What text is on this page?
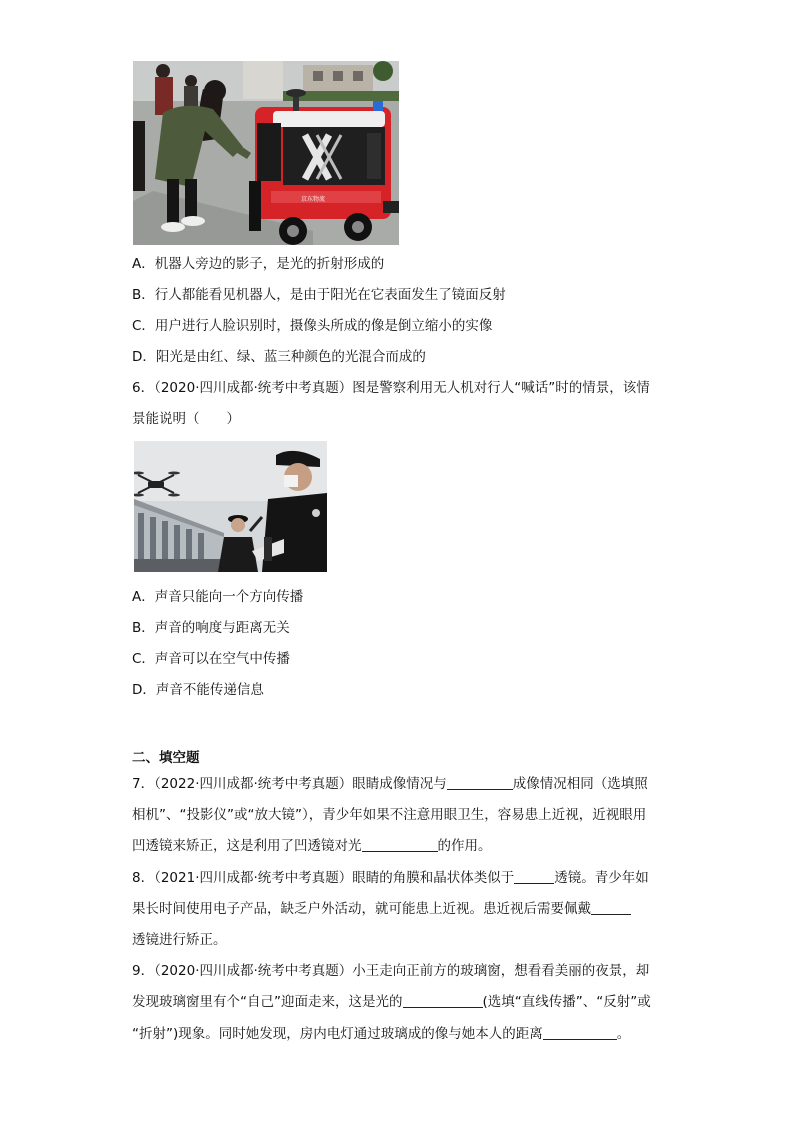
京东物流
A．机器人旁边的影子，是光的折射形成的
B．行人都能看见机器人，是由于阳光在它表面发生了镜面反射
C．用户进行人脸识别时，摄像头所成的像是倒立缩小的实像
D．阳光是由红、绿、蓝三种颜色的光混合而成的
6．（2020·四川成都·统考中考真题）图是警察利用无人机对行人“喊话”时的情景，该情
景能说明（　　）
A．声音只能向一个方向传播
B．声音的响度与距离无关
C．声音可以在空气中传播
D．声音不能传递信息
二、填空题
7．（2022·四川成都·统考中考真题）眼睛成像情况与	成像情况相同（选填照
相机”、“投影仪”或“放大镜”），青少年如果不注意用眼卫生，容易患上近视，近视眼用
凹透镜来矫正，这是利用了凹透镜对光	的作用。
8．（2021·四川成都·统考中考真题）眼睛的角膜和晶状体类似于	透镜。青少年如
果长时间使用电子产品，缺乏户外活动，就可能患上近视。患近视后需要佩戴
透镜进行矫正。
9．（2020·四川成都·统考中考真题）小王走向正前方的玻璃窗，想看看美丽的夜景，却
发现玻璃窗里有个“自己”迎面走来，这是光的	(选填“直线传播”、“反射”或
“折射”)现象。同时她发现，房内电灯通过玻璃成的像与她本人的距离	。
